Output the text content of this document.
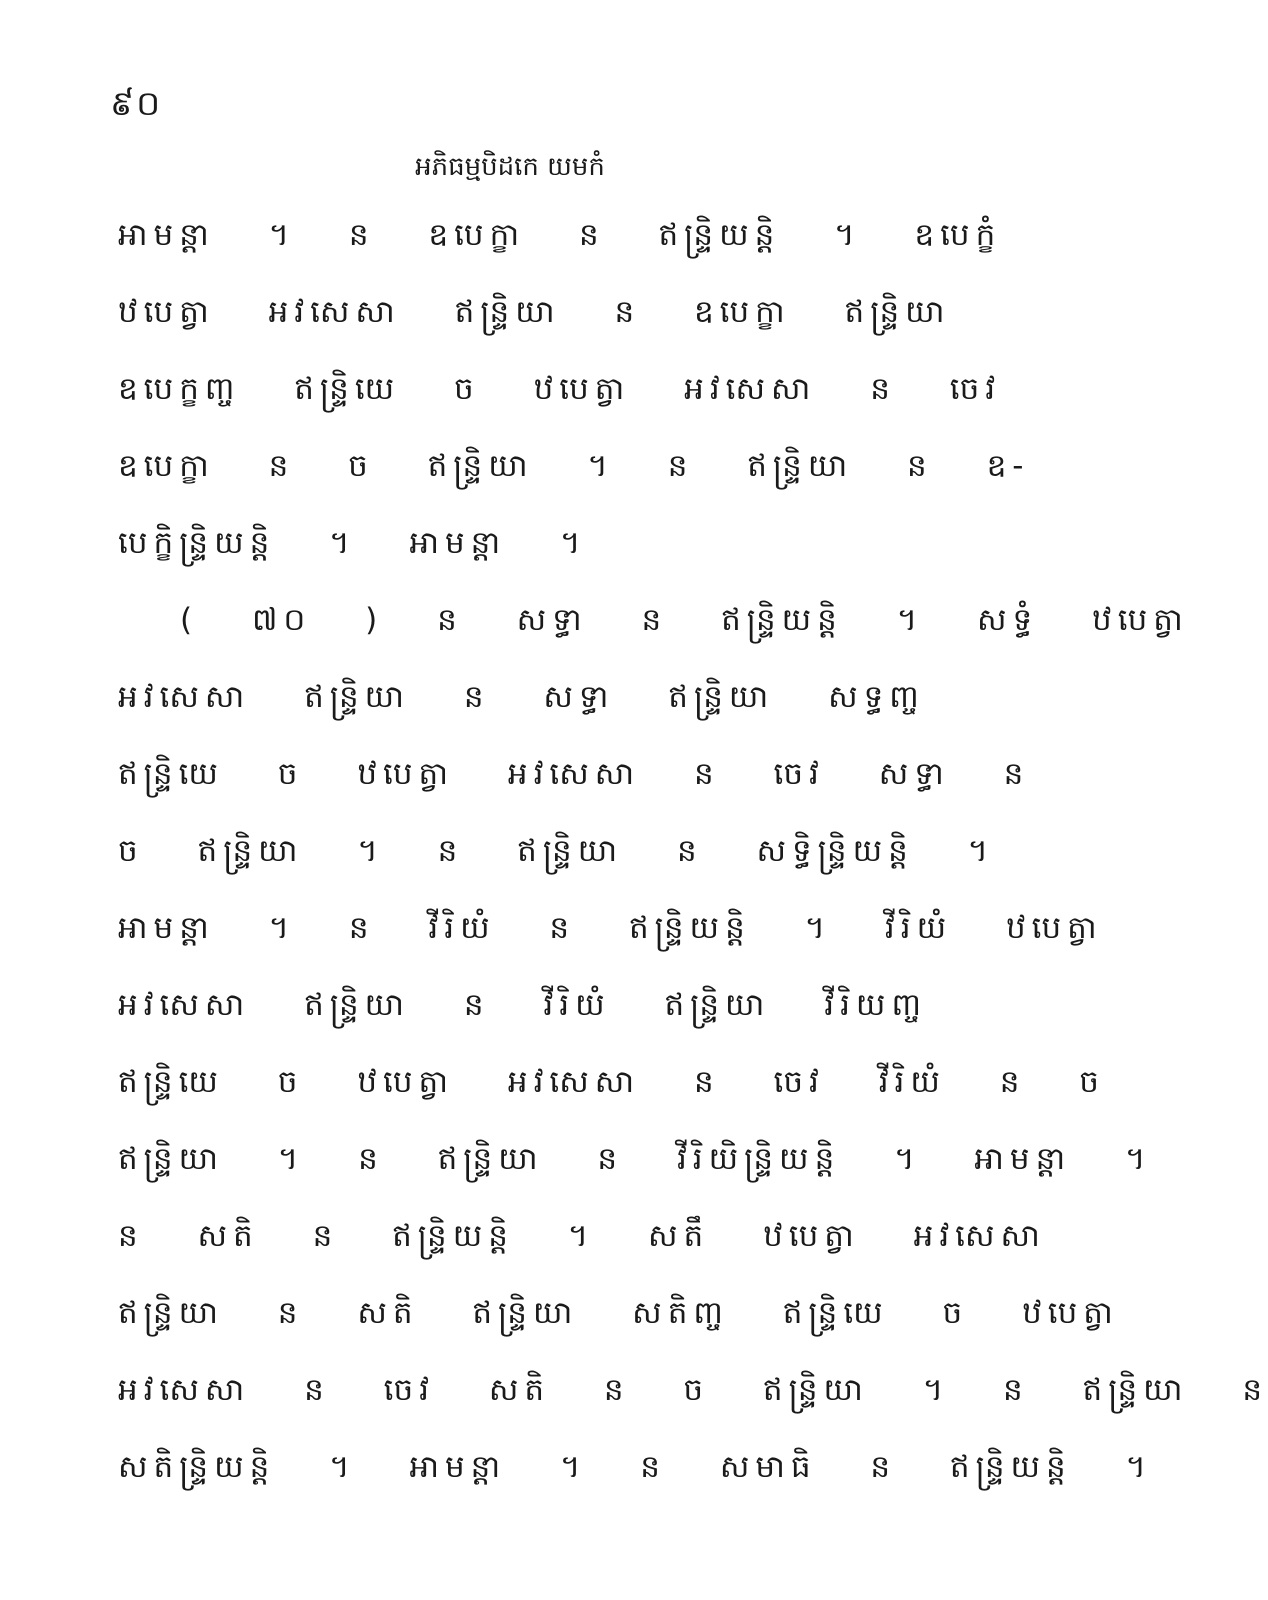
៩០
អភិធម្មបិដកេ យមកំ
អាមន្តា ។ ន ឧបេក្ខា ន ឥន្ទ្រិយន្តិ ។ ឧបេក្ខំ
ឋបេត្វា អវសេសា ឥន្ទ្រិយា ន ឧបេក្ខា ឥន្ទ្រិយា
ឧបេក្ខញ្ច ឥន្ទ្រិយេ ច ឋបេត្វា អវសេសា ន ចេវ
ឧបេក្ខា ន ច ឥន្ទ្រិយា ។ ន ឥន្ទ្រិយា ន ឧ-
បេក្ខិន្ទ្រិយន្តិ ។ អាមន្តា ។
( ៧០ ) ន សទ្ធា ន ឥន្ទ្រិយន្តិ ។ សទ្ធំ ឋបេត្វា
អវសេសា ឥន្ទ្រិយា ន សទ្ធា ឥន្ទ្រិយា សទ្ធញ្ច
ឥន្ទ្រិយេ ច ឋបេត្វា អវសេសា ន ចេវ សទ្ធា ន
ច ឥន្ទ្រិយា ។ ន ឥន្ទ្រិយា ន សទ្ធិន្ទ្រិយន្តិ ។
អាមន្តា ។ ន វីរិយំ ន ឥន្ទ្រិយន្តិ ។ វីរិយំ ឋបេត្វា
អវសេសា ឥន្ទ្រិយា ន វីរិយំ ឥន្ទ្រិយា វីរិយញ្ច
ឥន្ទ្រិយេ ច ឋបេត្វា អវសេសា ន ចេវ វីរិយំ ន ច
ឥន្ទ្រិយា ។ ន ឥន្ទ្រិយា ន វីរិយិន្ទ្រិយន្តិ ។ អាមន្តា ។
ន សតិ ន ឥន្ទ្រិយន្តិ ។ សតឹ ឋបេត្វា អវសេសា
ឥន្ទ្រិយា ន សតិ ឥន្ទ្រិយា សតិញ្ច ឥន្ទ្រិយេ ច ឋបេត្វា
អវសេសា ន ចេវ សតិ ន ច ឥន្ទ្រិយា ។ ន ឥន្ទ្រិយា ន
សតិន្ទ្រិយន្តិ ។ អាមន្តា ។ ន សមាធិ ន ឥន្ទ្រិយន្តិ ។
